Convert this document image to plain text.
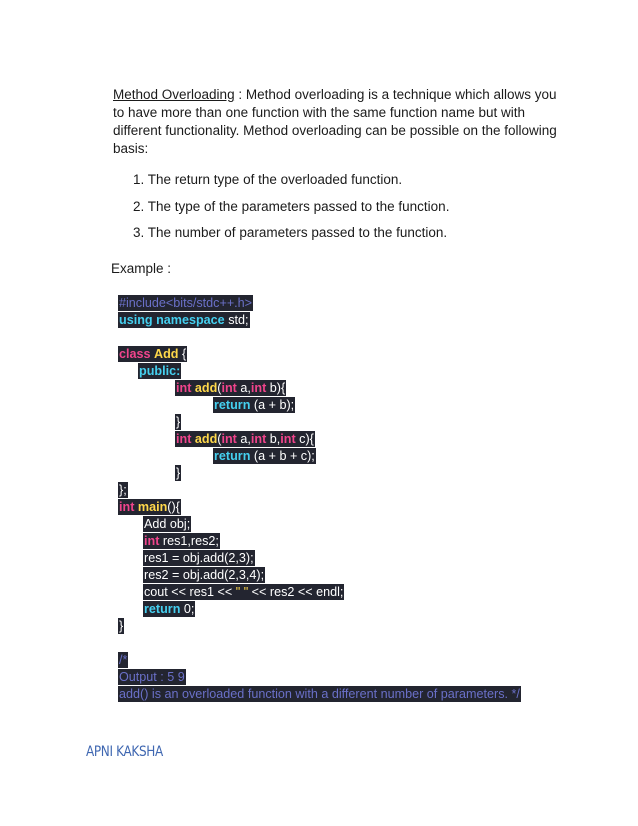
Method Overloading : Method overloading is a technique which allows you to have more than one function with the same function name but with different functionality. Method overloading can be possible on the following basis:
1. The return type of the overloaded function.
2. The type of the parameters passed to the function.
3. The number of parameters passed to the function.
Example :
#include<bits/stdc++.h>
using namespace std;
class Add {
public:
int add(int a,int b){
return (a + b);
}
int add(int a,int b,int c){
return (a + b + c);
}
};
int main(){
Add obj;
int res1,res2;
res1 = obj.add(2,3);
res2 = obj.add(2,3,4);
cout << res1 << " " << res2 << endl;
return 0;
}
/*
Output : 5 9
add() is an overloaded function with a different number of parameters. */
APNI KAKSHA
